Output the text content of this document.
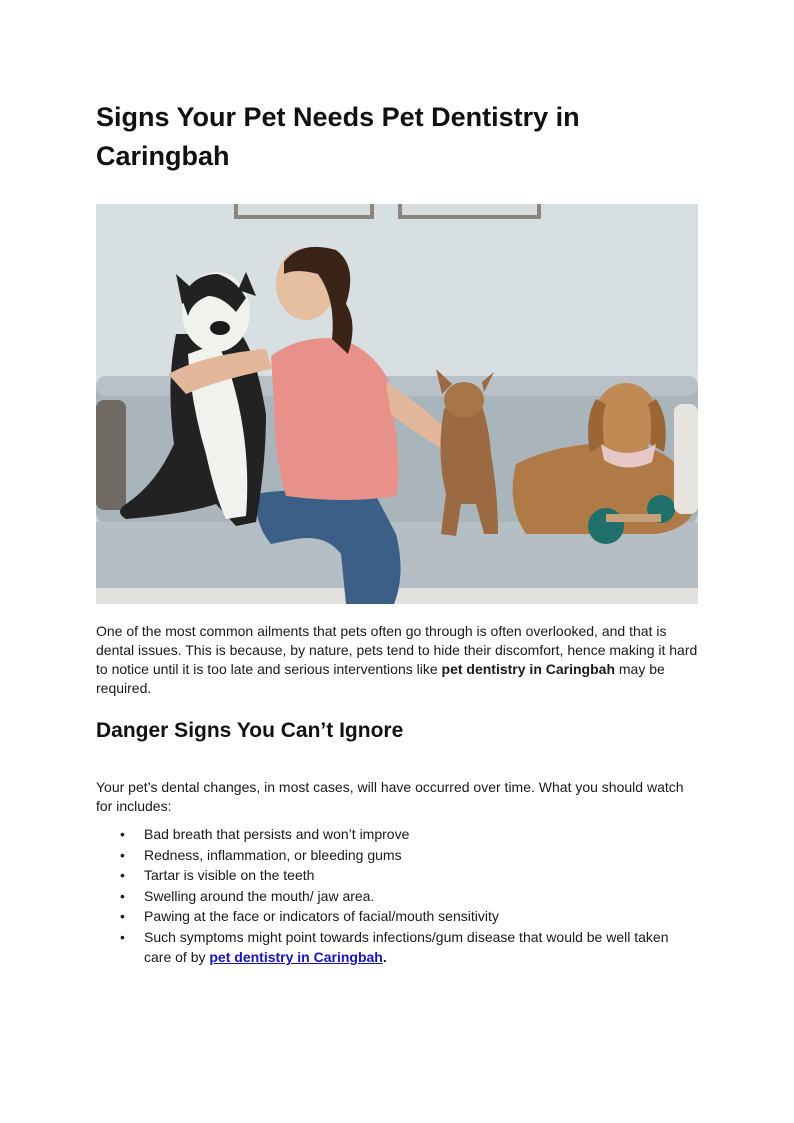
Signs Your Pet Needs Pet Dentistry in Caringbah

One of the most common ailments that pets often go through is often overlooked, and that is dental issues. This is because, by nature, pets tend to hide their discomfort, hence making it hard to notice until it is too late and serious interventions like pet dentistry in Caringbah may be required.

Danger Signs You Can’t Ignore

Your pet’s dental changes, in most cases, will have occurred over time. What you should watch for includes:

• Bad breath that persists and won’t improve
• Redness, inflammation, or bleeding gums
• Tartar is visible on the teeth
• Swelling around the mouth/ jaw area.
• Pawing at the face or indicators of facial/mouth sensitivity
• Such symptoms might point towards infections/gum disease that would be well taken care of by pet dentistry in Caringbah.
